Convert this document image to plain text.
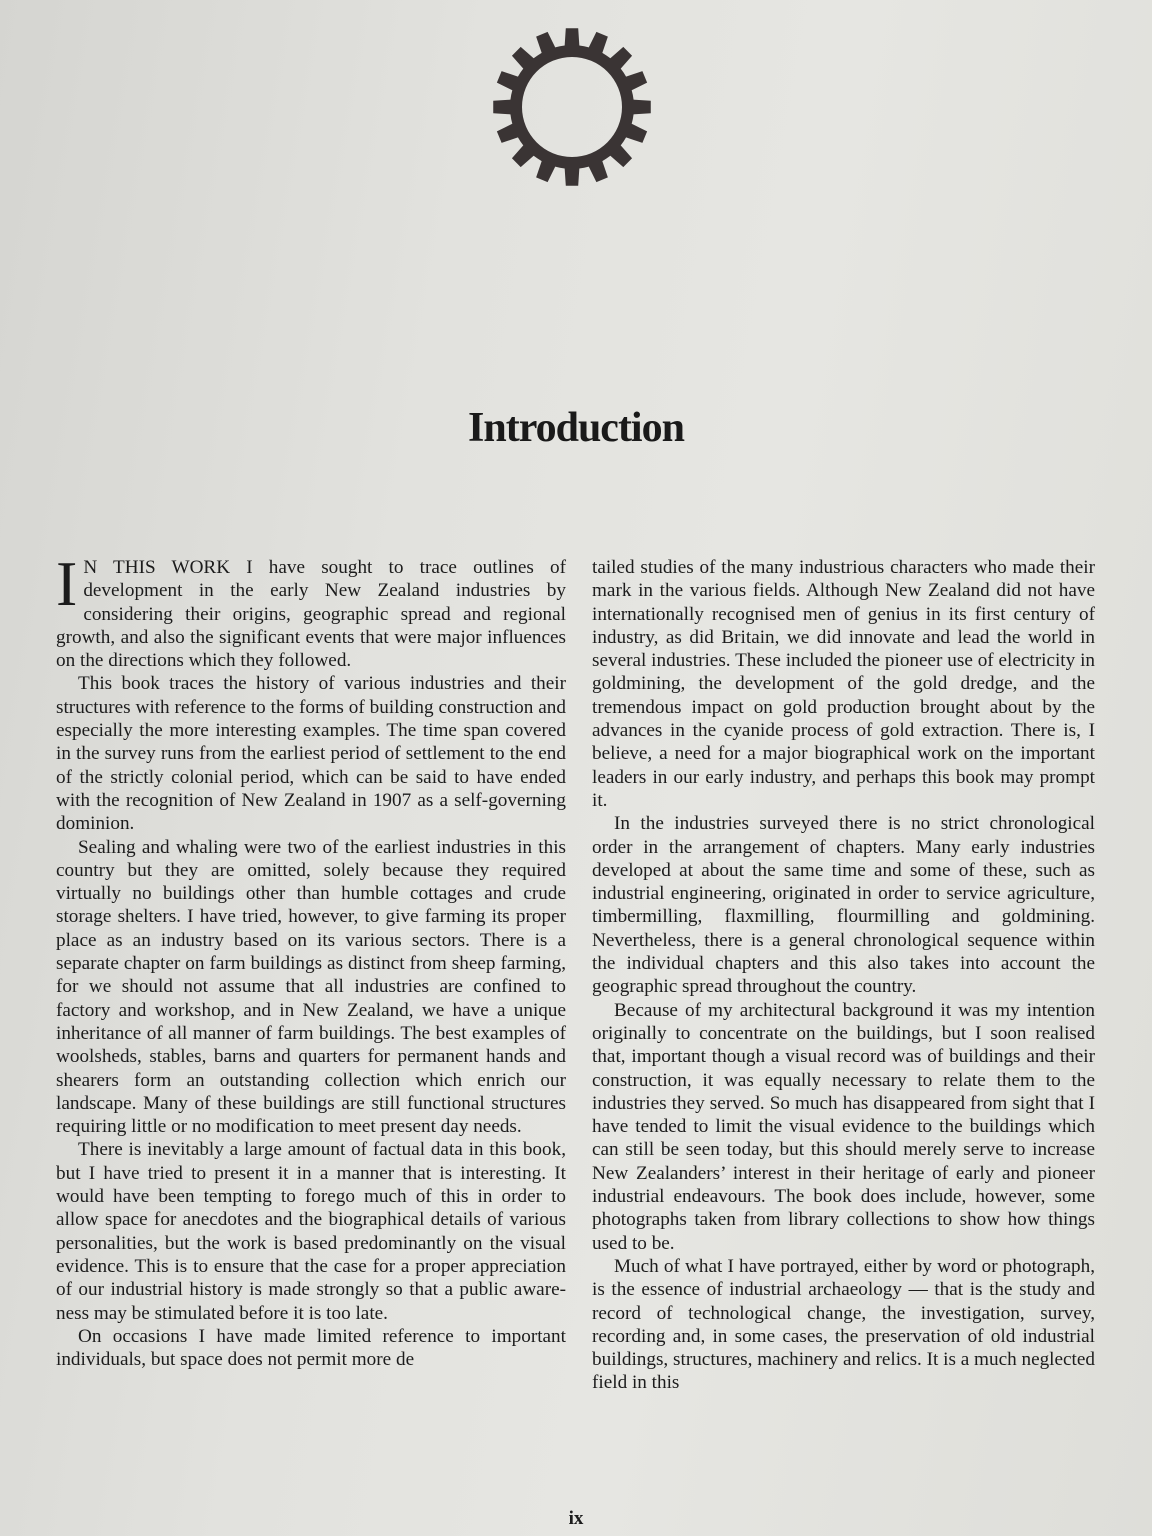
Introduction

I N THIS WORK I have sought to trace outlines of development in the early New Zealand industries by considering their origins, geographic spread and regional growth, and also the significant events that were major influences on the directions which they followed.

This book traces the history of various industries and their structures with reference to the forms of building construction and especially the more interesting examples. The time span covered in the survey runs from the earliest period of settlement to the end of the strictly colonial period, which can be said to have ended with the recognition of New Zealand in 1907 as a self-governing dominion.

Sealing and whaling were two of the earliest industries in this country but they are omitted, solely because they required virtually no buildings other than humble cottages and crude storage shelters. I have tried, however, to give farming its proper place as an industry based on its various sectors. There is a separate chapter on farm buildings as distinct from sheep farming, for we should not assume that all industries are confined to factory and workshop, and in New Zealand, we have a unique inheritance of all manner of farm buildings. The best examples of woolsheds, stables, barns and quarters for permanent hands and shearers form an outstanding collection which enrich our landscape. Many of these buildings are still functional structures requiring little or no modification to meet present day needs.

There is inevitably a large amount of factual data in this book, but I have tried to present it in a manner that is interesting. It would have been tempting to forego much of this in order to allow space for anecdotes and the biographical details of various personalities, but the work is based predominantly on the visual evidence. This is to ensure that the case for a proper appreciation of our industrial history is made strongly so that a public awareness may be stimulated before it is too late.

On occasions I have made limited reference to important individuals, but space does not permit more de

tailed studies of the many industrious characters who made their mark in the various fields. Although New Zealand did not have internationally recognised men of genius in its first century of industry, as did Britain, we did innovate and lead the world in several industries. These included the pioneer use of electricity in goldmining, the development of the gold dredge, and the tremendous impact on gold production brought about by the advances in the cyanide process of gold extraction. There is, I believe, a need for a major biographical work on the important leaders in our early industry, and perhaps this book may prompt it.

In the industries surveyed there is no strict chronological order in the arrangement of chapters. Many early industries developed at about the same time and some of these, such as industrial engineering, originated in order to service agriculture, timbermilling, flaxmilling, flourmilling and goldmining. Nevertheless, there is a general chronological sequence within the individual chapters and this also takes into account the geographic spread throughout the country.

Because of my architectural background it was my intention originally to concentrate on the buildings, but I soon realised that, important though a visual record was of buildings and their construction, it was equally necessary to relate them to the industries they served. So much has disappeared from sight that I have tended to limit the visual evidence to the buildings which can still be seen today, but this should merely serve to increase New Zealanders’ interest in their heritage of early and pioneer industrial endeavours. The book does include, however, some photographs taken from library collections to show how things used to be.

Much of what I have portrayed, either by word or photograph, is the essence of industrial archaeology — that is the study and record of technological change, the investigation, survey, recording and, in some cases, the preservation of old industrial buildings, structures, machinery and relics. It is a much neglected field in this

ix
